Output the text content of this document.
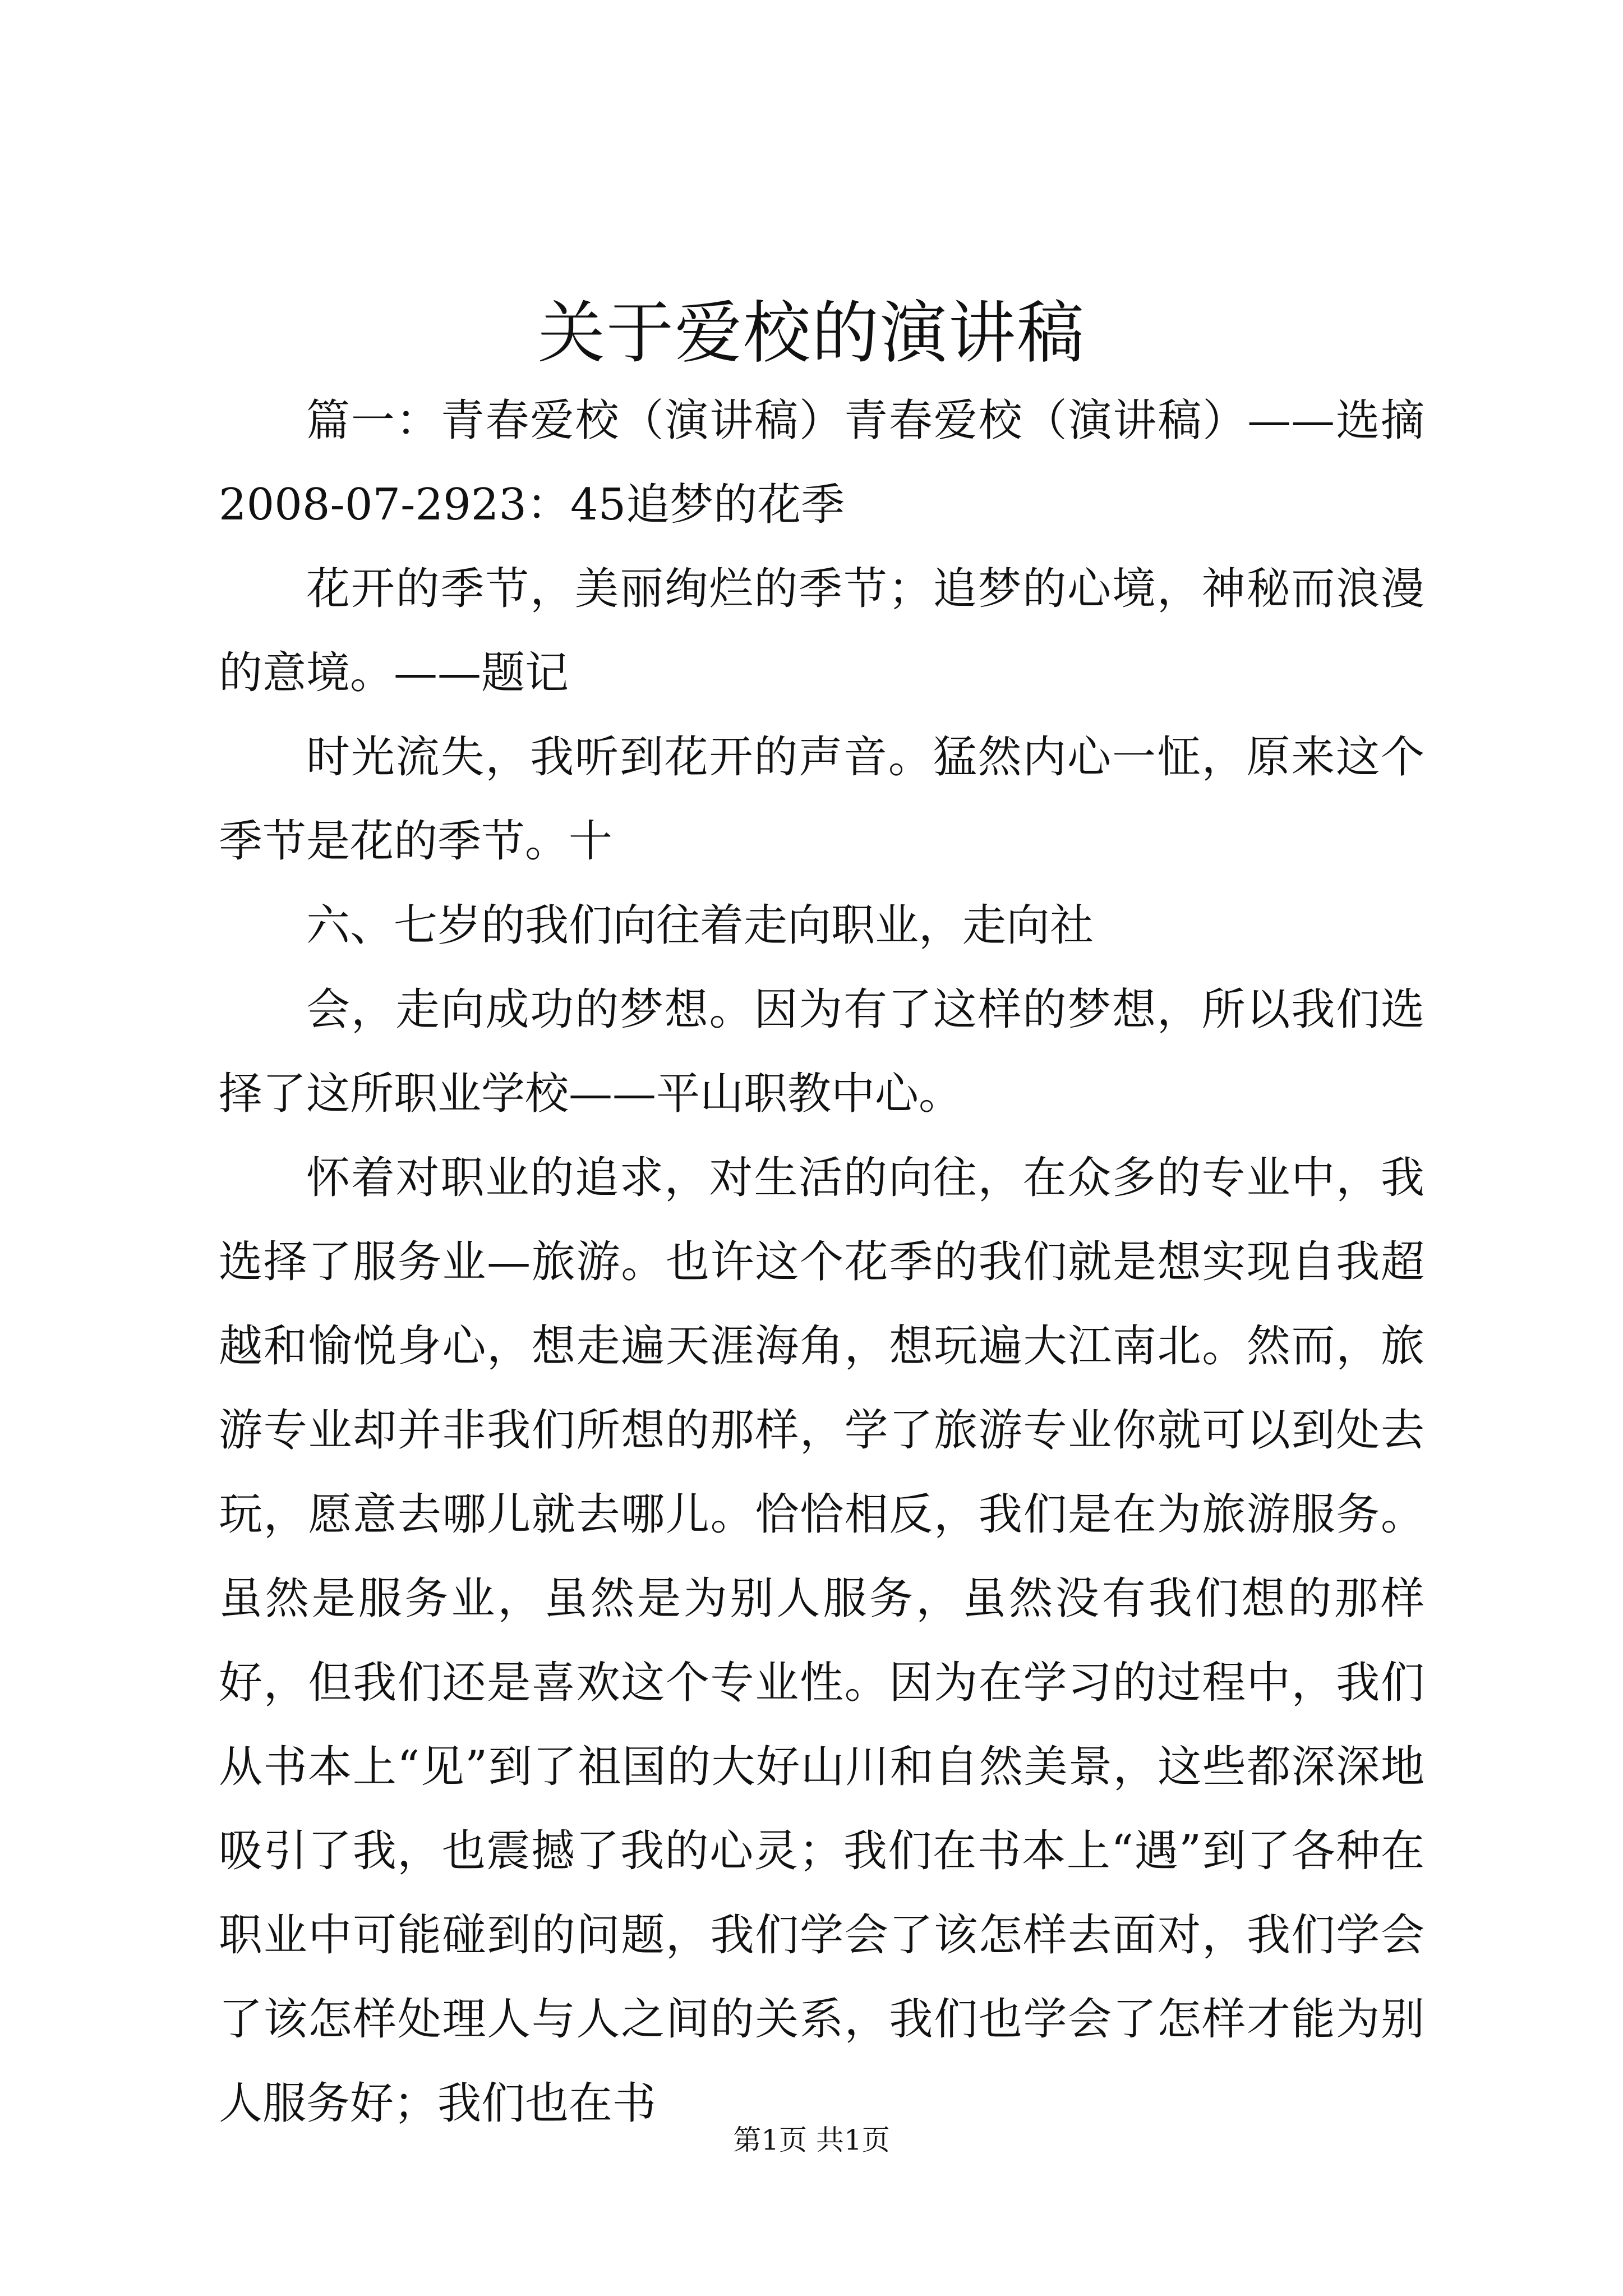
关于爱校的演讲稿

篇一：青春爱校（演讲稿）青春爱校（演讲稿）——选摘2008-07-2923：45追梦的花季

花开的季节，美丽绚烂的季节；追梦的心境，神秘而浪漫的意境。——题记

时光流失，我听到花开的声音。猛然内心一怔，原来这个季节是花的季节。十

六、七岁的我们向往着走向职业，走向社

会，走向成功的梦想。因为有了这样的梦想，所以我们选择了这所职业学校——平山职教中心。

怀着对职业的追求，对生活的向往，在众多的专业中，我选择了服务业—旅游。也许这个花季的我们就是想实现自我超越和愉悦身心，想走遍天涯海角，想玩遍大江南北。然而，旅游专业却并非我们所想的那样，学了旅游专业你就可以到处去玩，愿意去哪儿就去哪儿。恰恰相反，我们是在为旅游服务。虽然是服务业，虽然是为别人服务，虽然没有我们想的那样好，但我们还是喜欢这个专业性。因为在学习的过程中，我们从书本上“见”到了祖国的大好山川和自然美景，这些都深深地吸引了我，也震撼了我的心灵；我们在书本上“遇”到了各种在职业中可能碰到的问题，我们学会了该怎样去面对，我们学会了该怎样处理人与人之间的关系，我们也学会了怎样才能为别人服务好；我们也在书

第1页 共1页
